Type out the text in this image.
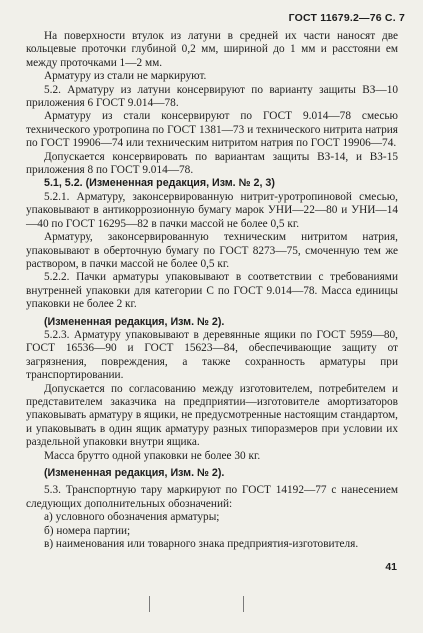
ГОСТ 11679.2—76 С. 7

На поверхности втулок из латуни в средней их части наносят две кольцевые проточки глубиной 0,2 мм, шириной до 1 мм и расстояни ем между проточками 1—2 мм.

Арматуру из стали не маркируют.

5.2. Арматуру из латуни консервируют по варианту защиты ВЗ—10 приложения 6 ГОСТ 9.014—78.

Арматуру из стали консервируют по ГОСТ 9.014—78 смесью технического уротропина по ГОСТ 1381—73 и технического нитрита натрия по ГОСТ 19906—74 или техническим нитритом натрия по ГОСТ 19906—74.

Допускается консервировать по вариантам защиты ВЗ-14, и ВЗ-15 приложения 8 по ГОСТ 9.014—78.

5.1, 5.2. (Измененная редакция, Изм. № 2, 3)

5.2.1. Арматуру, законсервированную нитрит-уротропиновой смесью, упаковывают в антикоррозионную бумагу марок УНИ—22—80 и УНИ—14—40 по ГОСТ 16295—82 в пачки массой не более 0,5 кг.

Арматуру, законсервированную техническим нитритом натрия, упаковывают в оберточную бумагу по ГОСТ 8273—75, смоченную тем же раствором, в пачки массой не более 0,5 кг.

5.2.2. Пачки арматуры упаковывают в соответствии с требованиями внутренней упаковки для категории С по ГОСТ 9.014—78. Масса единицы упаковки не более 2 кг.

(Измененная редакция, Изм. № 2).

5.2.3. Арматуру упаковывают в деревянные ящики по ГОСТ 5959—80, ГОСТ 16536—90 и ГОСТ 15623—84, обеспечивающие защиту от загрязнения, повреждения, а также сохранность арматуры при транспортировании.

Допускается по согласованию между изготовителем, потребителем и представителем заказчика на предприятии—изготовителе амортизаторов упаковывать арматуру в ящики, не предусмотренные настоящим стандартом, и упаковывать в один ящик арматуру разных типоразмеров при условии их раздельной упаковки внутри ящика.

Масса брутто одной упаковки не более 30 кг.

(Измененная редакция, Изм. № 2).

5.3. Транспортную тару маркируют по ГОСТ 14192—77 с нанесением следующих дополнительных обозначений:

а) условного обозначения арматуры;

б) номера партии;

в) наименования или товарного знака предприятия-изготовителя.

41
